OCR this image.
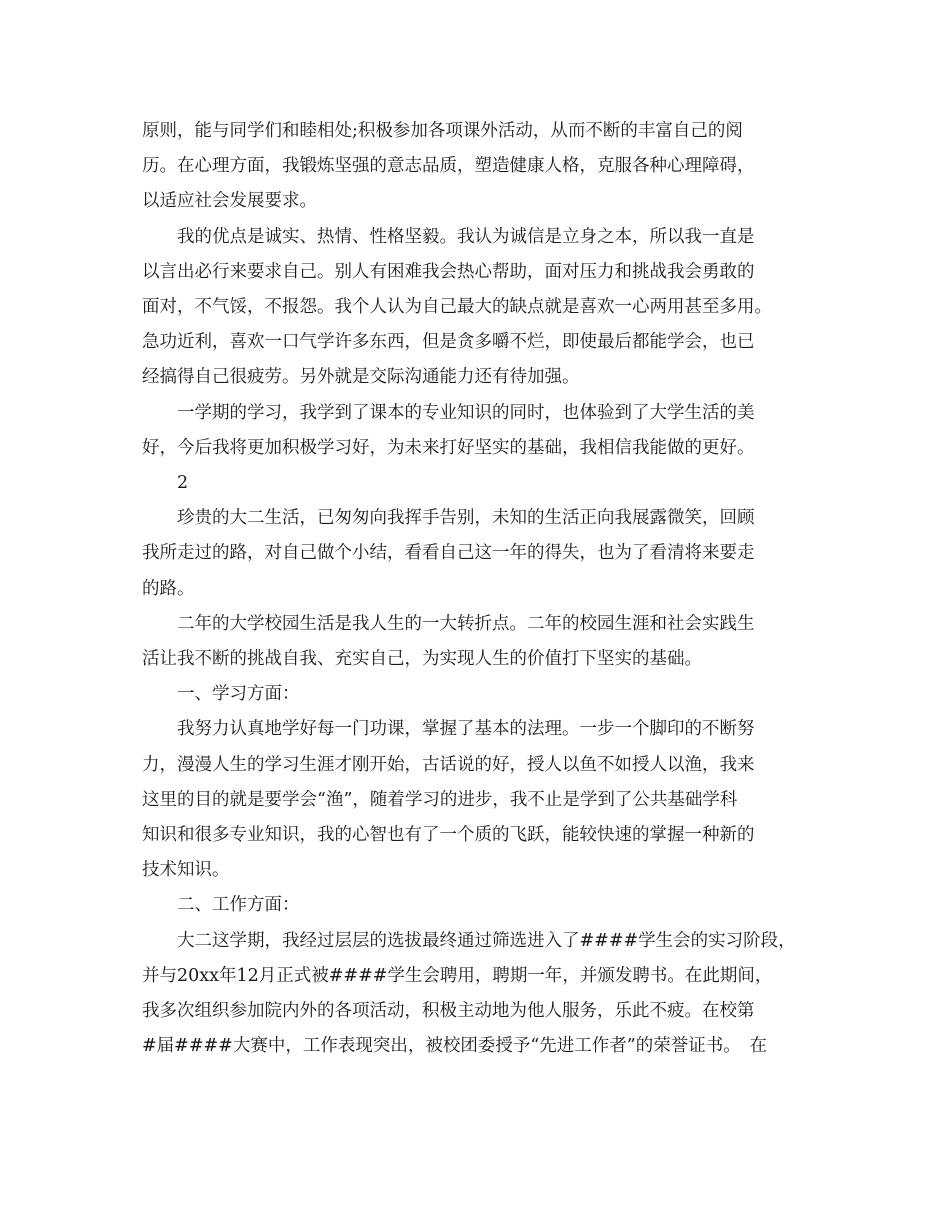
原则，能与同学们和睦相处;积极参加各项课外活动，从而不断的丰富自己的阅
历。在心理方面，我锻炼坚强的意志品质，塑造健康人格，克服各种心理障碍，
以适应社会发展要求。

我的优点是诚实、热情、性格坚毅。我认为诚信是立身之本，所以我一直是
以言出必行来要求自己。别人有困难我会热心帮助，面对压力和挑战我会勇敢的
面对，不气馁，不报怨。我个人认为自己最大的缺点就是喜欢一心两用甚至多用。
急功近利，喜欢一口气学许多东西，但是贪多嚼不烂，即使最后都能学会，也已
经搞得自己很疲劳。另外就是交际沟通能力还有待加强。

一学期的学习，我学到了课本的专业知识的同时，也体验到了大学生活的美
好，今后我将更加积极学习好，为未来打好坚实的基础，我相信我能做的更好。

2

珍贵的大二生活，已匆匆向我挥手告别，未知的生活正向我展露微笑，回顾
我所走过的路，对自己做个小结，看看自己这一年的得失，也为了看清将来要走
的路。

二年的大学校园生活是我人生的一大转折点。二年的校园生涯和社会实践生
活让我不断的挑战自我、充实自己，为实现人生的价值打下坚实的基础。

一、学习方面：

我努力认真地学好每一门功课，掌握了基本的法理。一步一个脚印的不断努
力，漫漫人生的学习生涯才刚开始，古话说的好，授人以鱼不如授人以渔，我来
这里的目的就是要学会“渔”，随着学习的进步，我不止是学到了公共基础学科
知识和很多专业知识，我的心智也有了一个质的飞跃，能较快速的掌握一种新的
技术知识。

二、工作方面：

大二这学期，我经过层层的选拔最终通过筛选进入了####学生会的实习阶段，
并与20xx年12月正式被####学生会聘用，聘期一年，并颁发聘书。在此期间，
我多次组织参加院内外的各项活动，积极主动地为他人服务，乐此不疲。在校第
#届####大赛中，工作表现突出，被校团委授予“先进工作者”的荣誉证书。　在
